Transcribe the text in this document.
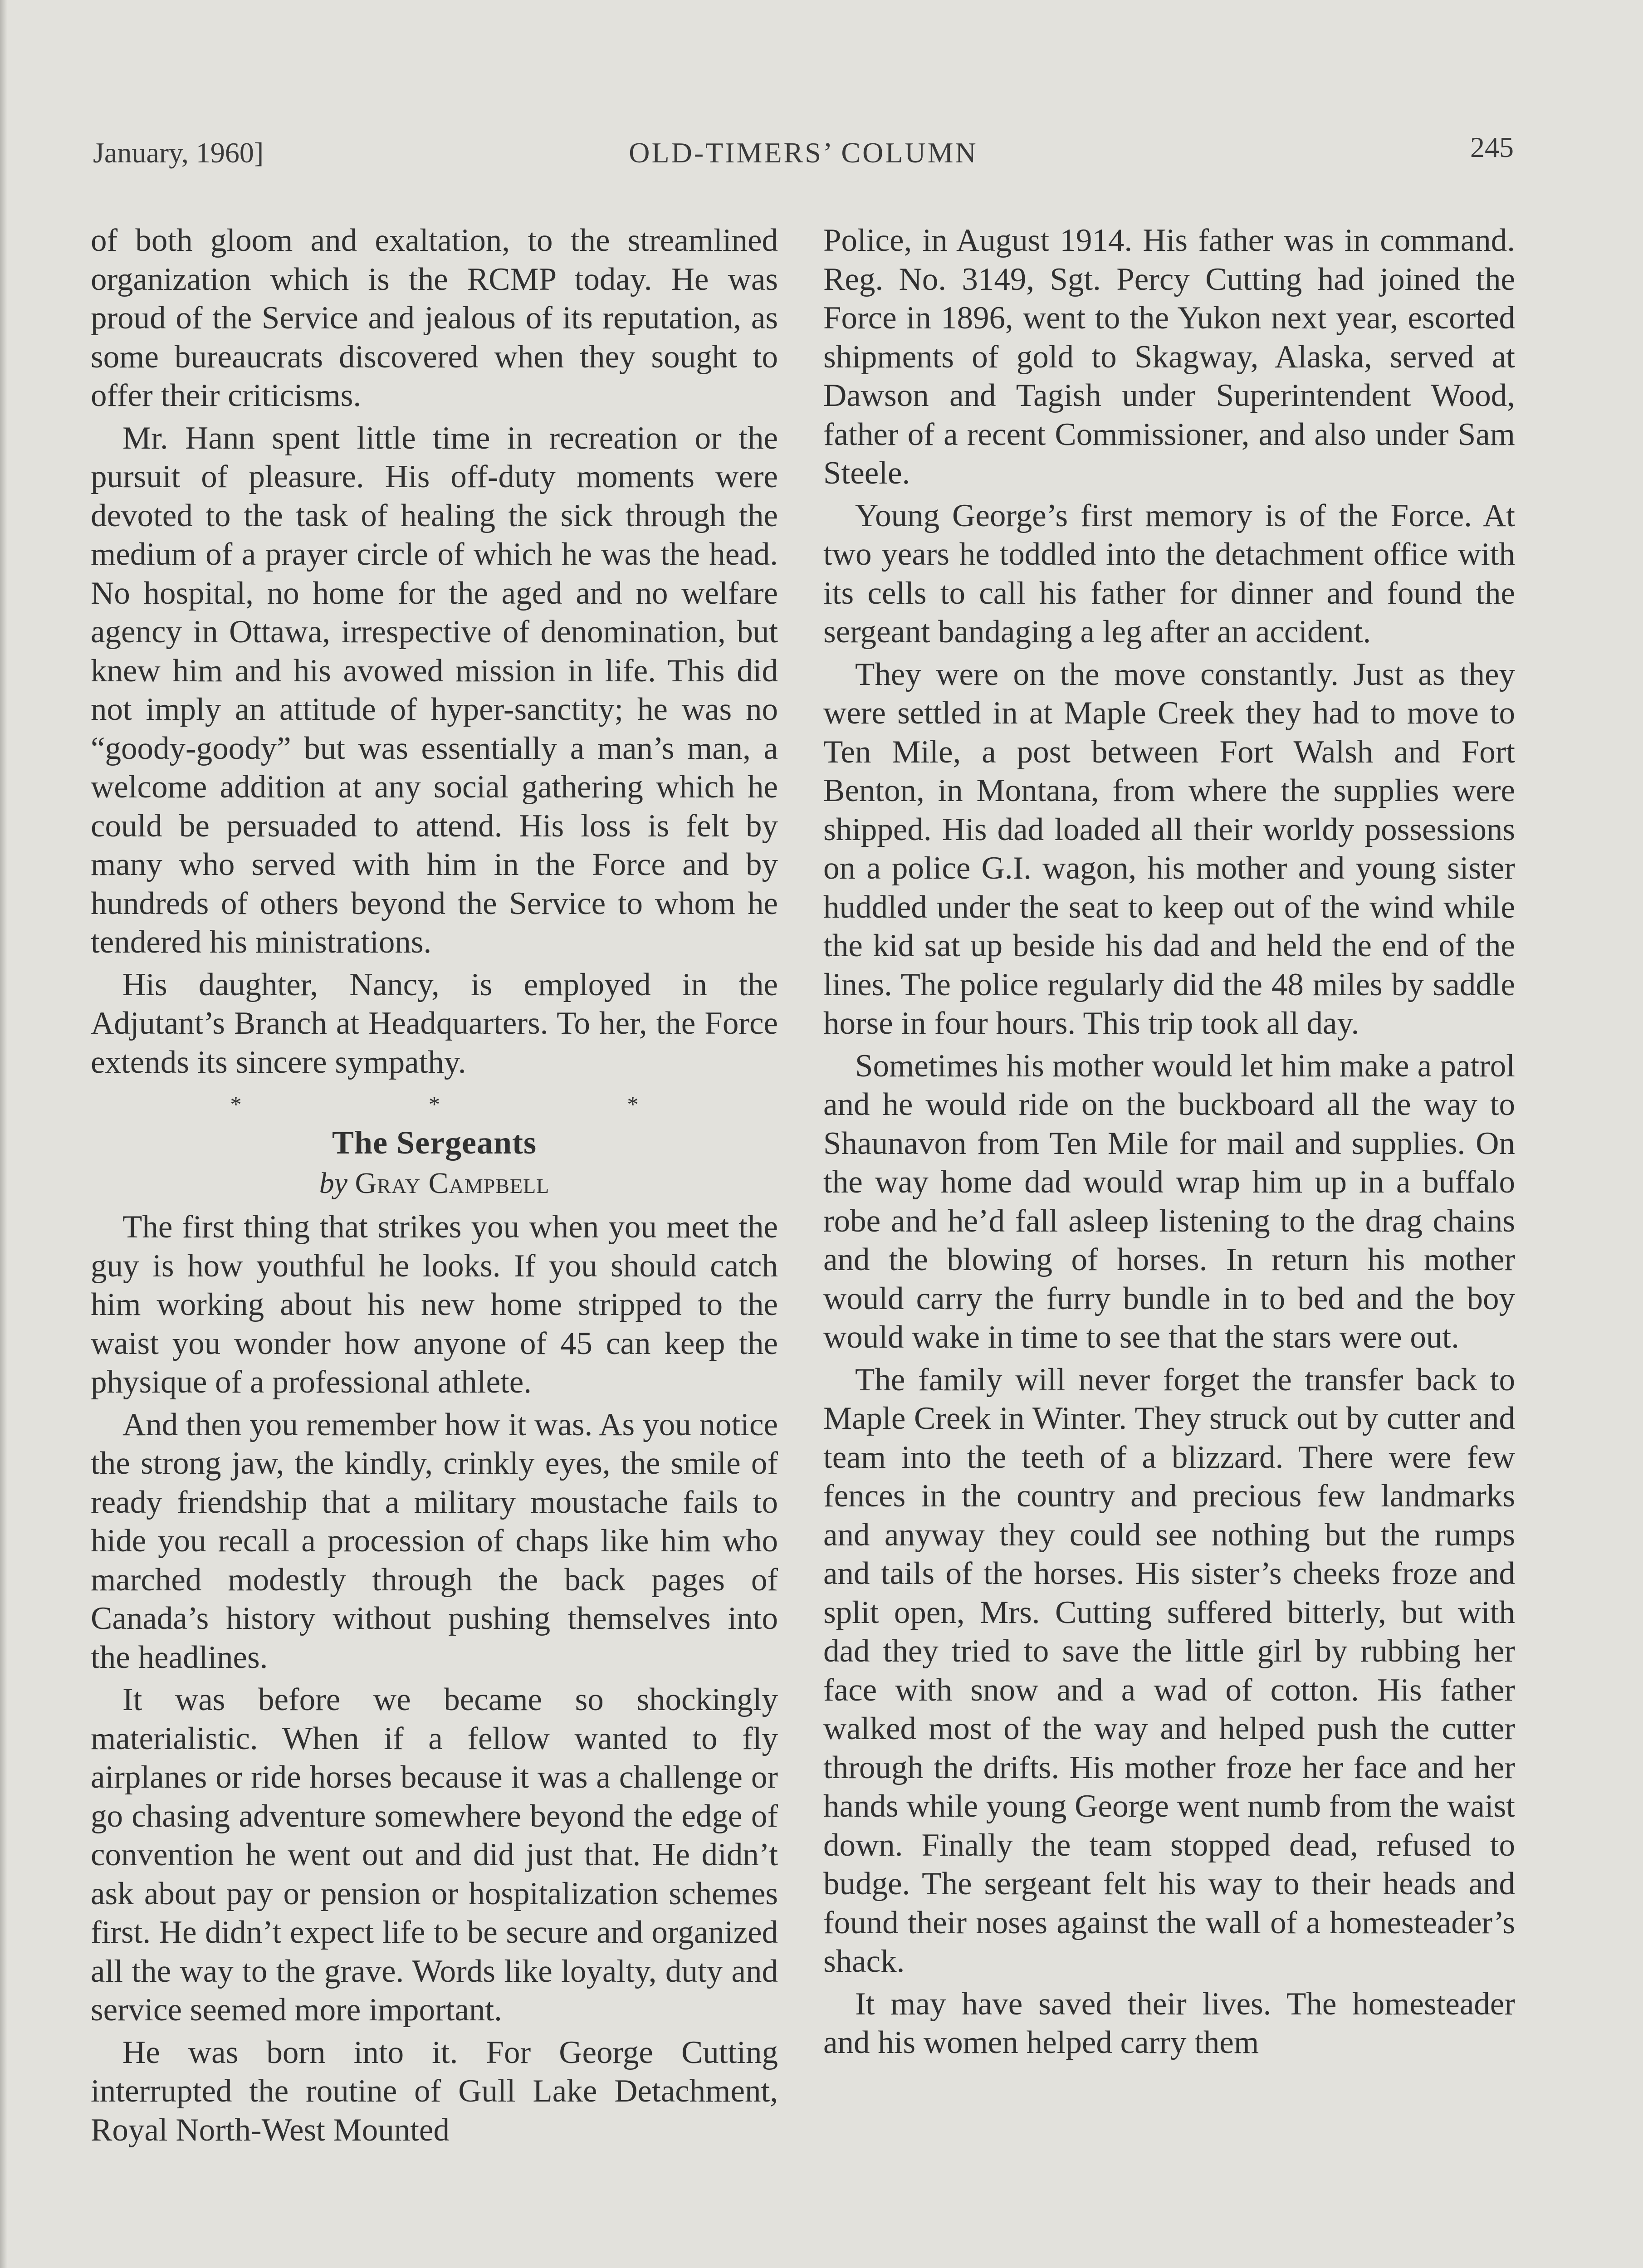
January, 1960]	OLD-TIMERS’ COLUMN	245

of both gloom and exaltation, to the streamlined organization which is the RCMP today. He was proud of the Service and jealous of its reputation, as some bureaucrats discovered when they sought to offer their criticisms.

Mr. Hann spent little time in recreation or the pursuit of pleasure. His off-duty moments were devoted to the task of healing the sick through the medium of a prayer circle of which he was the head. No hospital, no home for the aged and no welfare agency in Ottawa, irrespective of denomination, but knew him and his avowed mission in life. This did not imply an attitude of hyper-sanctity; he was no “goody-goody” but was essentially a man’s man, a welcome addition at any social gathering which he could be persuaded to attend. His loss is felt by many who served with him in the Force and by hundreds of others beyond the Service to whom he tendered his ministrations.

His daughter, Nancy, is employed in the Adjutant’s Branch at Headquarters. To her, the Force extends its sincere sympathy.

* * *
The Sergeants
by Gray Campbell

The first thing that strikes you when you meet the guy is how youthful he looks. If you should catch him working about his new home stripped to the waist you wonder how anyone of 45 can keep the physique of a professional athlete.

And then you remember how it was. As you notice the strong jaw, the kindly, crinkly eyes, the smile of ready friendship that a military moustache fails to hide you recall a procession of chaps like him who marched modestly through the back pages of Canada’s history without pushing themselves into the headlines.

It was before we became so shockingly materialistic. When if a fellow wanted to fly airplanes or ride horses because it was a challenge or go chasing adventure somewhere beyond the edge of convention he went out and did just that. He didn’t ask about pay or pension or hospitalization schemes first. He didn’t expect life to be secure and organized all the way to the grave. Words like loyalty, duty and service seemed more important.

He was born into it. For George Cutting interrupted the routine of Gull Lake Detachment, Royal North-West Mounted

Police, in August 1914. His father was in command. Reg. No. 3149, Sgt. Percy Cutting had joined the Force in 1896, went to the Yukon next year, escorted shipments of gold to Skagway, Alaska, served at Dawson and Tagish under Superintendent Wood, father of a recent Commissioner, and also under Sam Steele.

Young George’s first memory is of the Force. At two years he toddled into the detachment office with its cells to call his father for dinner and found the sergeant bandaging a leg after an accident.

They were on the move constantly. Just as they were settled in at Maple Creek they had to move to Ten Mile, a post between Fort Walsh and Fort Benton, in Montana, from where the supplies were shipped. His dad loaded all their worldy possessions on a police G.I. wagon, his mother and young sister huddled under the seat to keep out of the wind while the kid sat up beside his dad and held the end of the lines. The police regularly did the 48 miles by saddle horse in four hours. This trip took all day.

Sometimes his mother would let him make a patrol and he would ride on the buckboard all the way to Shaunavon from Ten Mile for mail and supplies. On the way home dad would wrap him up in a buffalo robe and he’d fall asleep listening to the drag chains and the blowing of horses. In return his mother would carry the furry bundle in to bed and the boy would wake in time to see that the stars were out.

The family will never forget the transfer back to Maple Creek in Winter. They struck out by cutter and team into the teeth of a blizzard. There were few fences in the country and precious few landmarks and anyway they could see nothing but the rumps and tails of the horses. His sister’s cheeks froze and split open, Mrs. Cutting suffered bitterly, but with dad they tried to save the little girl by rubbing her face with snow and a wad of cotton. His father walked most of the way and helped push the cutter through the drifts. His mother froze her face and her hands while young George went numb from the waist down. Finally the team stopped dead, refused to budge. The sergeant felt his way to their heads and found their noses against the wall of a homesteader’s shack.

It may have saved their lives. The homesteader and his women helped carry them
